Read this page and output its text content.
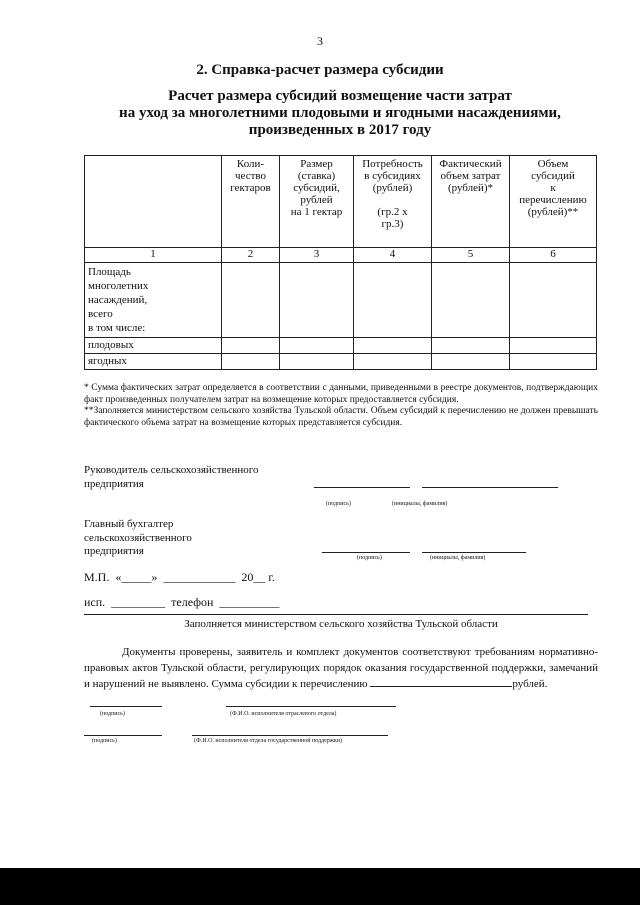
3
2. Справка-расчет размера субсидии
Расчет размера субсидий возмещение части затрат
на уход за многолетними плодовыми и ягодными насаждениями,
произведенных в 2017 году
	Коли-
чество
гектаров	Размер
(ставка)
субсидий,
рублей
на 1 гектар	Потребность
в субсидиях
(рублей)

(гр.2 х
гр.3)	Фактический
объем затрат
(рублей)*	Объем
субсидий
к
перечислению
(рублей)**
1	2	3	4	5	6
Площадь
многолетних
насаждений,
всего
в том числе:					
плодовых					
ягодных					
* Сумма фактических затрат определяется в соответствии с данными, приведенными в реестре документов, подтверждающих факт произведенных получателем затрат на возмещение которых предоставляется субсидия.
**Заполняется министерством сельского хозяйства Тульской области. Объем субсидий к перечислению не должен превышать фактического объема затрат на возмещение которых представляется субсидия.
Руководитель сельскохозяйственного
предприятия
(подпись)	(инициалы, фамилия)
Главный бухгалтер
сельскохозяйственного
предприятия
(подпись)	(инициалы, фамилия)
М.П.  «_____»  ____________  20__ г.
исп.  _________  телефон  __________
Заполняется министерством сельского хозяйства Тульской области
Документы проверены, заявитель и комплект документов соответствуют требованиям нормативно-правовых актов Тульской области, регулирующих порядок оказания государственной поддержки, замечаний и нарушений не выявлено. Сумма субсидии к перечислению	рублей.
(подпись)	(Ф.И.О. исполнителя отраслевого отдела)
(подпись)	(Ф.И.О. исполнителя отдела государственной поддержки)
